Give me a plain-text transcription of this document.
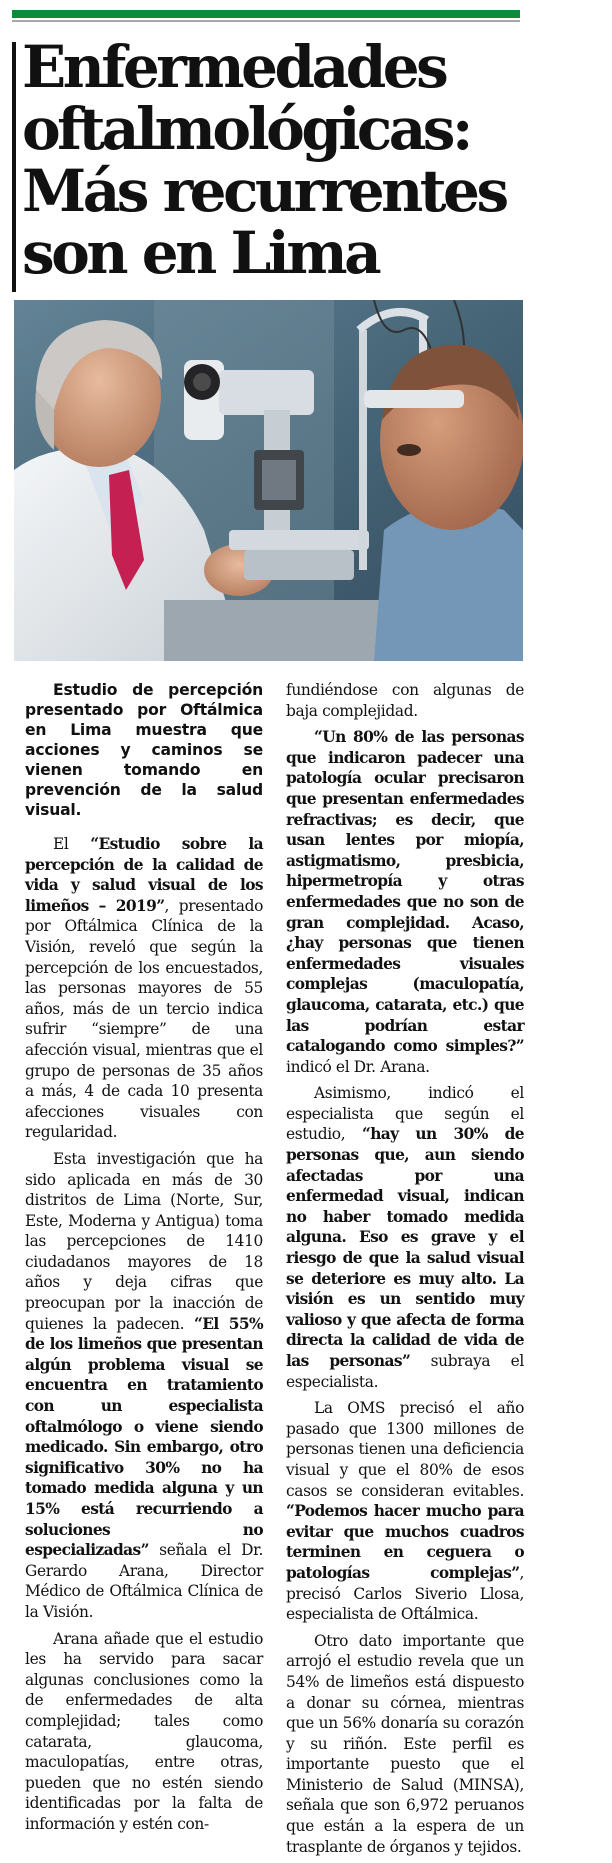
Enfermedades
oftalmológicas:
Más recurrentes
son en Lima

Estudio de percepción presentado por Oftálmica en Lima muestra que acciones y caminos se vienen tomando en prevención de la salud visual.

El “Estudio sobre la percepción de la calidad de vida y salud visual de los limeños – 2019”, presentado por Oftálmica Clínica de la Visión, reveló que según la percepción de los encuestados, las personas mayores de 55 años, más de un tercio indica sufrir “siempre” de una afección visual, mientras que el grupo de personas de 35 años a más, 4 de cada 10 presenta afecciones visuales con regularidad.

Esta investigación que ha sido aplicada en más de 30 distritos de Lima (Norte, Sur, Este, Moderna y Antigua) toma las percepciones de 1410 ciudadanos mayores de 18 años y deja cifras que preocupan por la inacción de quienes la padecen. “El 55% de los limeños que presentan algún problema visual se encuentra en tratamiento con un especialista oftalmólogo o viene siendo medicado. Sin embargo, otro significativo 30% no ha tomado medida alguna y un 15% está recurriendo a soluciones no especializadas” señala el Dr. Gerardo Arana, Director Médico de Oftálmica Clínica de la Visión.

Arana añade que el estudio les ha servido para sacar algunas conclusiones como la de enfermedades de alta complejidad; tales como catarata, glaucoma, maculopatías, entre otras, pueden que no estén siendo identificadas por la falta de información y estén con-

fundiéndose con algunas de baja complejidad.

“Un 80% de las personas que indicaron padecer una patología ocular precisaron que presentan enfermedades refractivas; es decir, que usan lentes por miopía, astigmatismo, presbicia, hipermetropía y otras enfermedades que no son de gran complejidad. Acaso, ¿hay personas que tienen enfermedades visuales complejas (maculopatía, glaucoma, catarata, etc.) que las podrían estar catalogando como simples?” indicó el Dr. Arana.

Asimismo, indicó el especialista que según el estudio, “hay un 30% de personas que, aun siendo afectadas por una enfermedad visual, indican no haber tomado medida alguna. Eso es grave y el riesgo de que la salud visual se deteriore es muy alto. La visión es un sentido muy valioso y que afecta de forma directa la calidad de vida de las personas” subraya el especialista.

La OMS precisó el año pasado que 1300 millones de personas tienen una deficiencia visual y que el 80% de esos casos se consideran evitables. “Podemos hacer mucho para evitar que muchos cuadros terminen en ceguera o patologías complejas”, precisó Carlos Siverio Llosa, especialista de Oftálmica.

Otro dato importante que arrojó el estudio revela que un 54% de limeños está dispuesto a donar su córnea, mientras que un 56% donaría su corazón y su riñón. Este perfil es importante puesto que el Ministerio de Salud (MINSA), señala que son 6,972 peruanos que están a la espera de un trasplante de órganos y tejidos.
